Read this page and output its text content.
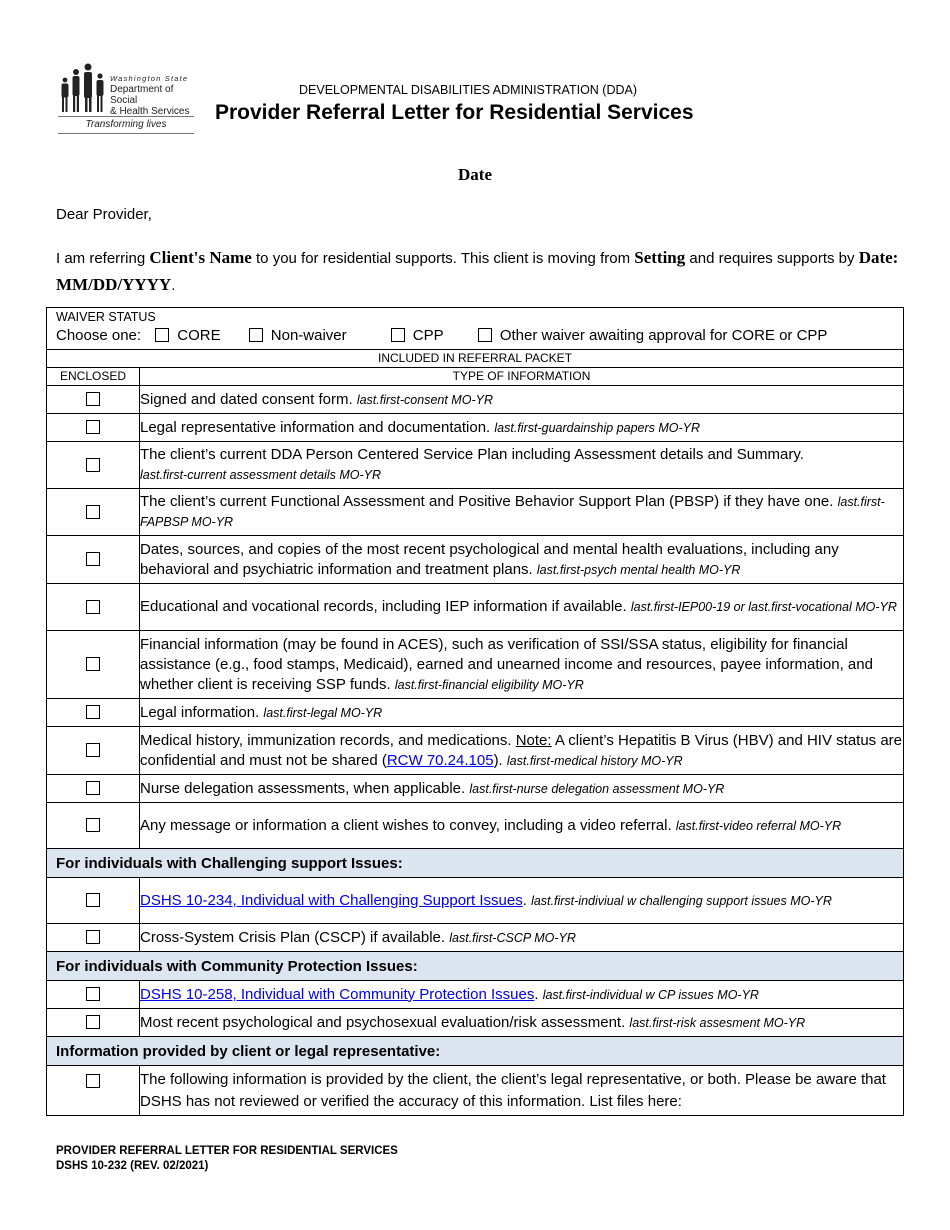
Washington State
Department of Social
& Health Services
Transforming lives
DEVELOPMENTAL DISABILITIES ADMINISTRATION (DDA)
Provider Referral Letter for Residential Services
Date
Dear Provider,
I am referring Client's Name to you for residential supports. This client is moving from Setting and requires supports by Date: MM/DD/YYYY.
WAIVER STATUS
Choose one: CORE Non-waiver CPP Other waiver awaiting approval for CORE or CPP	

INCLUDED IN REFERRAL PACKET	
ENCLOSED	TYPE OF INFORMATION
	Signed and dated consent form. last.first-consent MO-YR
	Legal representative information and documentation. last.first-guardainship papers MO-YR
	The client’s current DDA Person Centered Service Plan including Assessment details and Summary.
last.first-current assessment details MO-YR
	The client’s current Functional Assessment and Positive Behavior Support Plan (PBSP) if they have one. last.first-FAPBSP MO-YR
	Dates, sources, and copies of the most recent psychological and mental health evaluations, including any behavioral and psychiatric information and treatment plans. last.first-psych mental health MO-YR
	Educational and vocational records, including IEP information if available. last.first-IEP00-19 or last.first-vocational MO-YR
	Financial information (may be found in ACES), such as verification of SSI/SSA status, eligibility for financial assistance (e.g., food stamps, Medicaid), earned and unearned income and resources, payee information, and whether client is receiving SSP funds. last.first-financial eligibility MO-YR
	Legal information. last.first-legal MO-YR
	Medical history, immunization records, and medications. Note: A client’s Hepatitis B Virus (HBV) and HIV status are confidential and must not be shared (RCW 70.24.105). last.first-medical history MO-YR
	Nurse delegation assessments, when applicable. last.first-nurse delegation assessment MO-YR
	Any message or information a client wishes to convey, including a video referral. last.first-video referral MO-YR
For individuals with Challenging support Issues:	
	DSHS 10-234, Individual with Challenging Support Issues. last.first-indiviual w challenging support issues MO-YR
	Cross-System Crisis Plan (CSCP) if available. last.first-CSCP MO-YR
For individuals with Community Protection Issues:	
	DSHS 10-258, Individual with Community Protection Issues. last.first-individual w CP issues MO-YR
	Most recent psychological and psychosexual evaluation/risk assessment. last.first-risk assesment MO-YR
Information provided by client or legal representative:	
	The following information is provided by the client, the client’s legal representative, or both. Please be aware that DSHS has not reviewed or verified the accuracy of this information. List files here:
PROVIDER REFERRAL LETTER FOR RESIDENTIAL SERVICES
DSHS 10-232 (REV. 02/2021)
